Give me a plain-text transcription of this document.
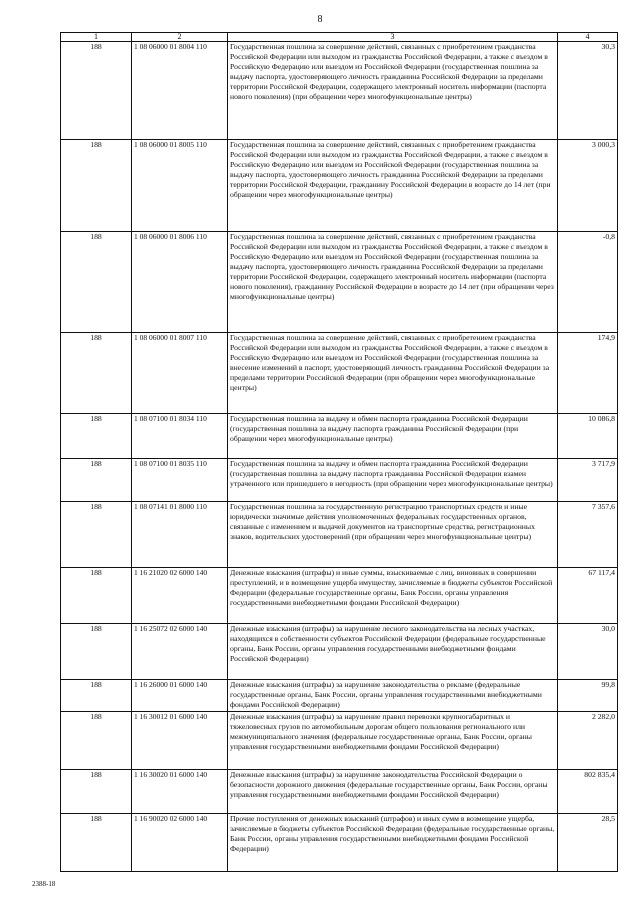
8
1	2	3	4
188	1 08 06000 01 8004 110	Государственная пошлина за совершение действий, связанных с приобретением гражданства Российской Федерации или выходом из гражданства Российской Федерации, а также с въездом в Российскую Федерацию или выездом из Российской Федерации (государственная пошлина за выдачу паспорта, удостоверяющего личность гражданина Российской Федерации за пределами территории Российской Федерации, содержащего электронный носитель информации (паспорта нового поколения) (при обращении через многофункциональные центры)	30,3
188	1 08 06000 01 8005 110	Государственная пошлина за совершение действий, связанных с приобретением гражданства Российской Федерации или выходом из гражданства Российской Федерации, а также с въездом в Российскую Федерацию или выездом из Российской Федерации (государственная пошлина за выдачу паспорта, удостоверяющего личность гражданина Российской Федерации за пределами территории Российской Федерации, гражданину Российской Федерации в возрасте до 14 лет (при обращении через многофункциональные центры)	3 000,3
188	1 08 06000 01 8006 110	Государственная пошлина за совершение действий, связанных с приобретением гражданства Российской Федерации или выходом из гражданства Российской Федерации, а также с въездом в Российскую Федерацию или выездом из Российской Федерации (государственная пошлина за выдачу паспорта, удостоверяющего личность гражданина Российской Федерации за пределами территории Российской Федерации, содержащего электронный носитель информации (паспорта нового поколения), гражданину Российской Федерации в возрасте до 14 лет (при обращении через многофункциональные центры)	-0,8
188	1 08 06000 01 8007 110	Государственная пошлина за совершение действий, связанных с приобретением гражданства Российской Федерации или выходом из гражданства Российской Федерации, а также с въездом в Российскую Федерацию или выездом из Российской Федерации (государственная пошлина за внесение изменений в паспорт, удостоверяющий личность гражданина Российской Федерации за пределами территории Российской Федерации (при обращении через многофункциональные центры)	174,9
188	1 08 07100 01 8034 110	Государственная пошлина за выдачу и обмен паспорта гражданина Российской Федерации (государственная пошлина за выдачу паспорта гражданина Российской Федерации (при обращении через многофункциональные центры)	10 086,8
188	1 08 07100 01 8035 110	Государственная пошлина за выдачу и обмен паспорта гражданина Российской Федерации (государственная пошлина за выдачу паспорта гражданина Российской Федерации взамен утраченного или пришедшего в негодность (при обращении через многофункциональные центры)	3 717,9
188	1 08 07141 01 8000 110	Государственная пошлина за государственную регистрацию транспортных средств и иные юридически значимые действия уполномоченных федеральных государственных органов, связанные с изменением и выдачей документов на транспортные средства, регистрационных знаков, водительских удостоверений (при обращении через многофункциональные центры)	7 357,6
188	1 16 21020 02 6000 140	Денежные взыскания (штрафы) и иные суммы, взыскиваемые с лиц, виновных в совершении преступлений, и в возмещение ущерба имуществу, зачисляемые в бюджеты субъектов Российской Федерации (федеральные государственные органы, Банк России, органы управления государственными внебюджетными фондами Российской Федерации)	67 117,4
188	1 16 25072 02 6000 140	Денежные взыскания (штрафы) за нарушение лесного законодательства на лесных участках, находящихся в собственности субъектов Российской Федерации (федеральные государственные органы, Банк России, органы управления государственными внебюджетными фондами Российской Федерации)	30,0
188	1 16 26000 01 6000 140	Денежные взыскания (штрафы) за нарушение законодательства о рекламе (федеральные государственные органы, Банк России, органы управления государственными внебюджетными фондами Российской Федерации)	99,8
188	1 16 30012 01 6000 140	Денежные взыскания (штрафы) за нарушение правил перевозки крупногабаритных и тяжеловесных грузов по автомобильным дорогам общего пользования регионального или межмуниципального значения (федеральные государственные органы, Банк России, органы управления государственными внебюджетными фондами Российской Федерации)	2 282,0
188	1 16 30020 01 6000 140	Денежные взыскания (штрафы) за нарушение законодательства Российской Федерации о безопасности дорожного движения (федеральные государственные органы, Банк России, органы управления государственными внебюджетными фондами Российской Федерации)	802 835,4
188	1 16 90020 02 6000 140	Прочие поступления от денежных взысканий (штрафов) и иных сумм в возмещение ущерба, зачисляемые в бюджеты субъектов Российской Федерации (федеральные государственные органы, Банк России, органы управления государственными внебюджетными фондами Российской Федерации)	28,5
2388-18
